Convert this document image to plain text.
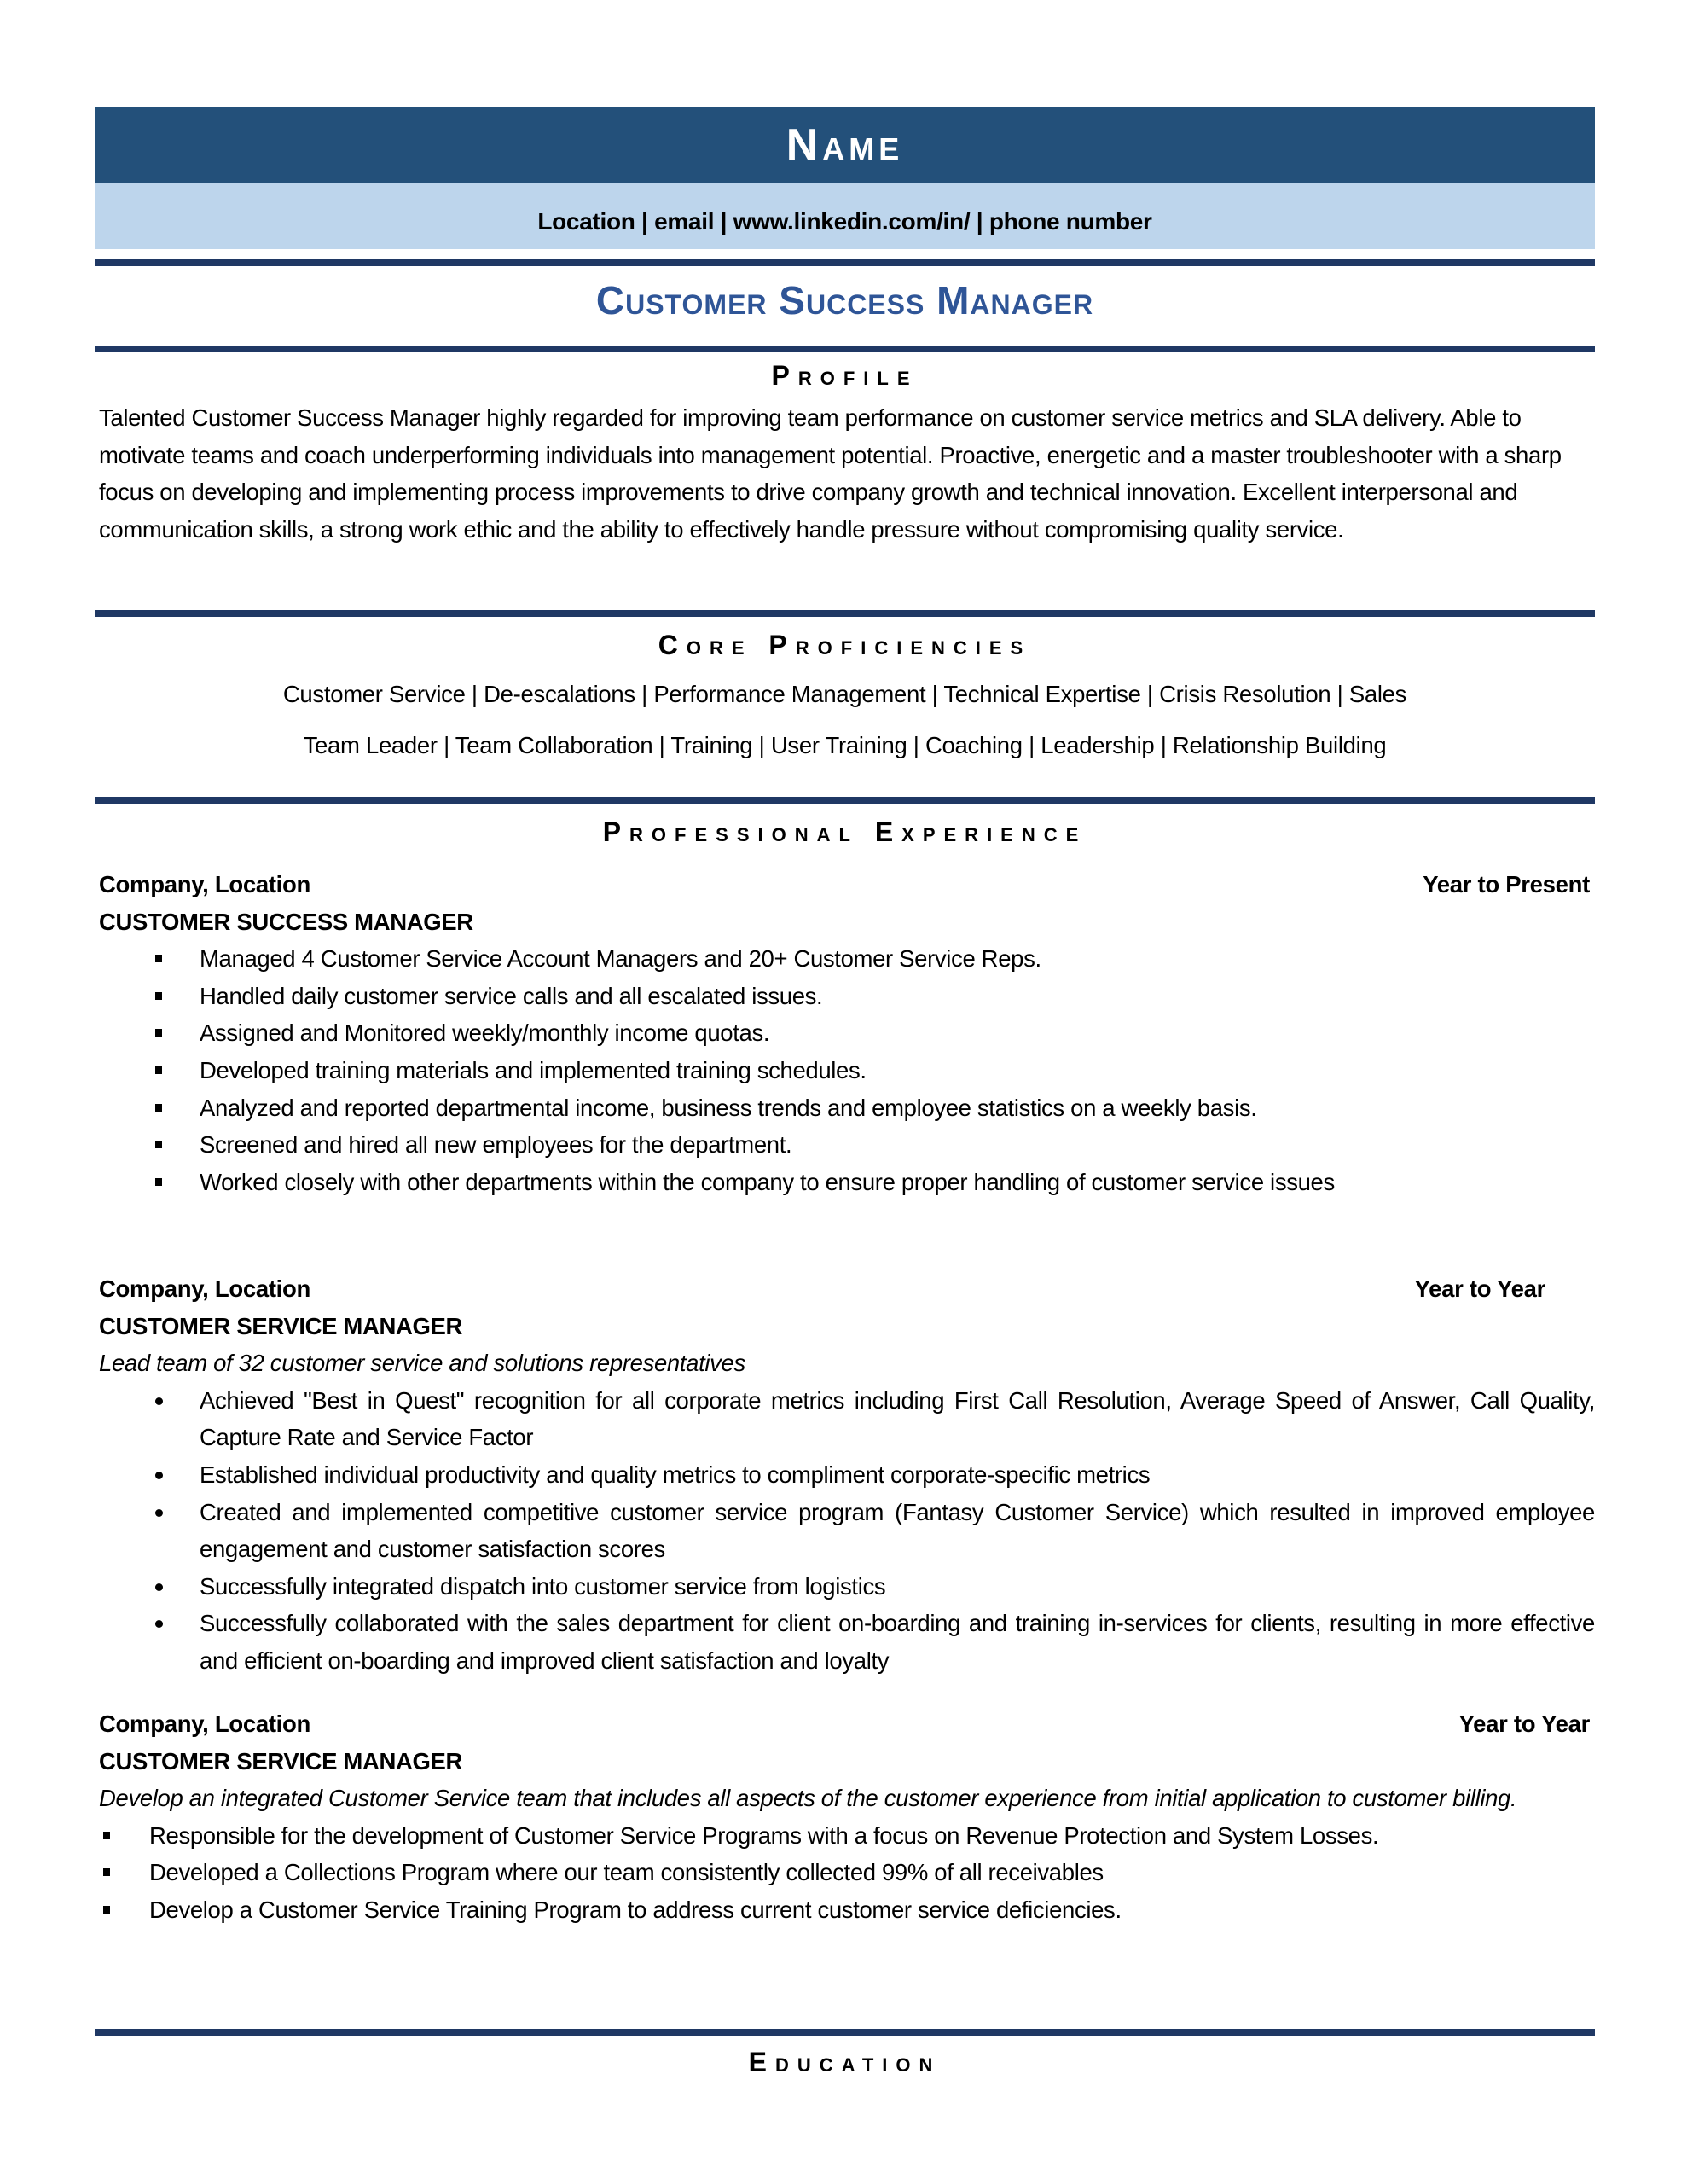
Name
Location | email | www.linkedin.com/in/ | phone number
Customer Success Manager
Profile
Talented Customer Success Manager highly regarded for improving team performance on customer service metrics and SLA delivery. Able to motivate teams and coach underperforming individuals into management potential. Proactive, energetic and a master troubleshooter with a sharp focus on developing and implementing process improvements to drive company growth and technical innovation. Excellent interpersonal and communication skills, a strong work ethic and the ability to effectively handle pressure without compromising quality service.
Core Proficiencies
Customer Service | De-escalations | Performance Management | Technical Expertise | Crisis Resolution | Sales
Team Leader | Team Collaboration | Training | User Training | Coaching | Leadership | Relationship Building
Professional Experience
Company, Location	Year to Present
CUSTOMER SUCCESS MANAGER
Managed 4 Customer Service Account Managers and 20+ Customer Service Reps.
Handled daily customer service calls and all escalated issues.
Assigned and Monitored weekly/monthly income quotas.
Developed training materials and implemented training schedules.
Analyzed and reported departmental income, business trends and employee statistics on a weekly basis.
Screened and hired all new employees for the department.
Worked closely with other departments within the company to ensure proper handling of customer service issues
Company, Location	Year to Year
CUSTOMER SERVICE MANAGER
Lead team of 32 customer service and solutions representatives
Achieved "Best in Quest" recognition for all corporate metrics including First Call Resolution, Average Speed of Answer, Call Quality, Capture Rate and Service Factor
Established individual productivity and quality metrics to compliment corporate-specific metrics
Created and implemented competitive customer service program (Fantasy Customer Service) which resulted in improved employee engagement and customer satisfaction scores
Successfully integrated dispatch into customer service from logistics
Successfully collaborated with the sales department for client on-boarding and training in-services for clients, resulting in more effective and efficient on-boarding and improved client satisfaction and loyalty
Company, Location	Year to Year
CUSTOMER SERVICE MANAGER
Develop an integrated Customer Service team that includes all aspects of the customer experience from initial application to customer billing.
Responsible for the development of Customer Service Programs with a focus on Revenue Protection and System Losses.
Developed a Collections Program where our team consistently collected 99% of all receivables
Develop a Customer Service Training Program to address current customer service deficiencies.
Education
